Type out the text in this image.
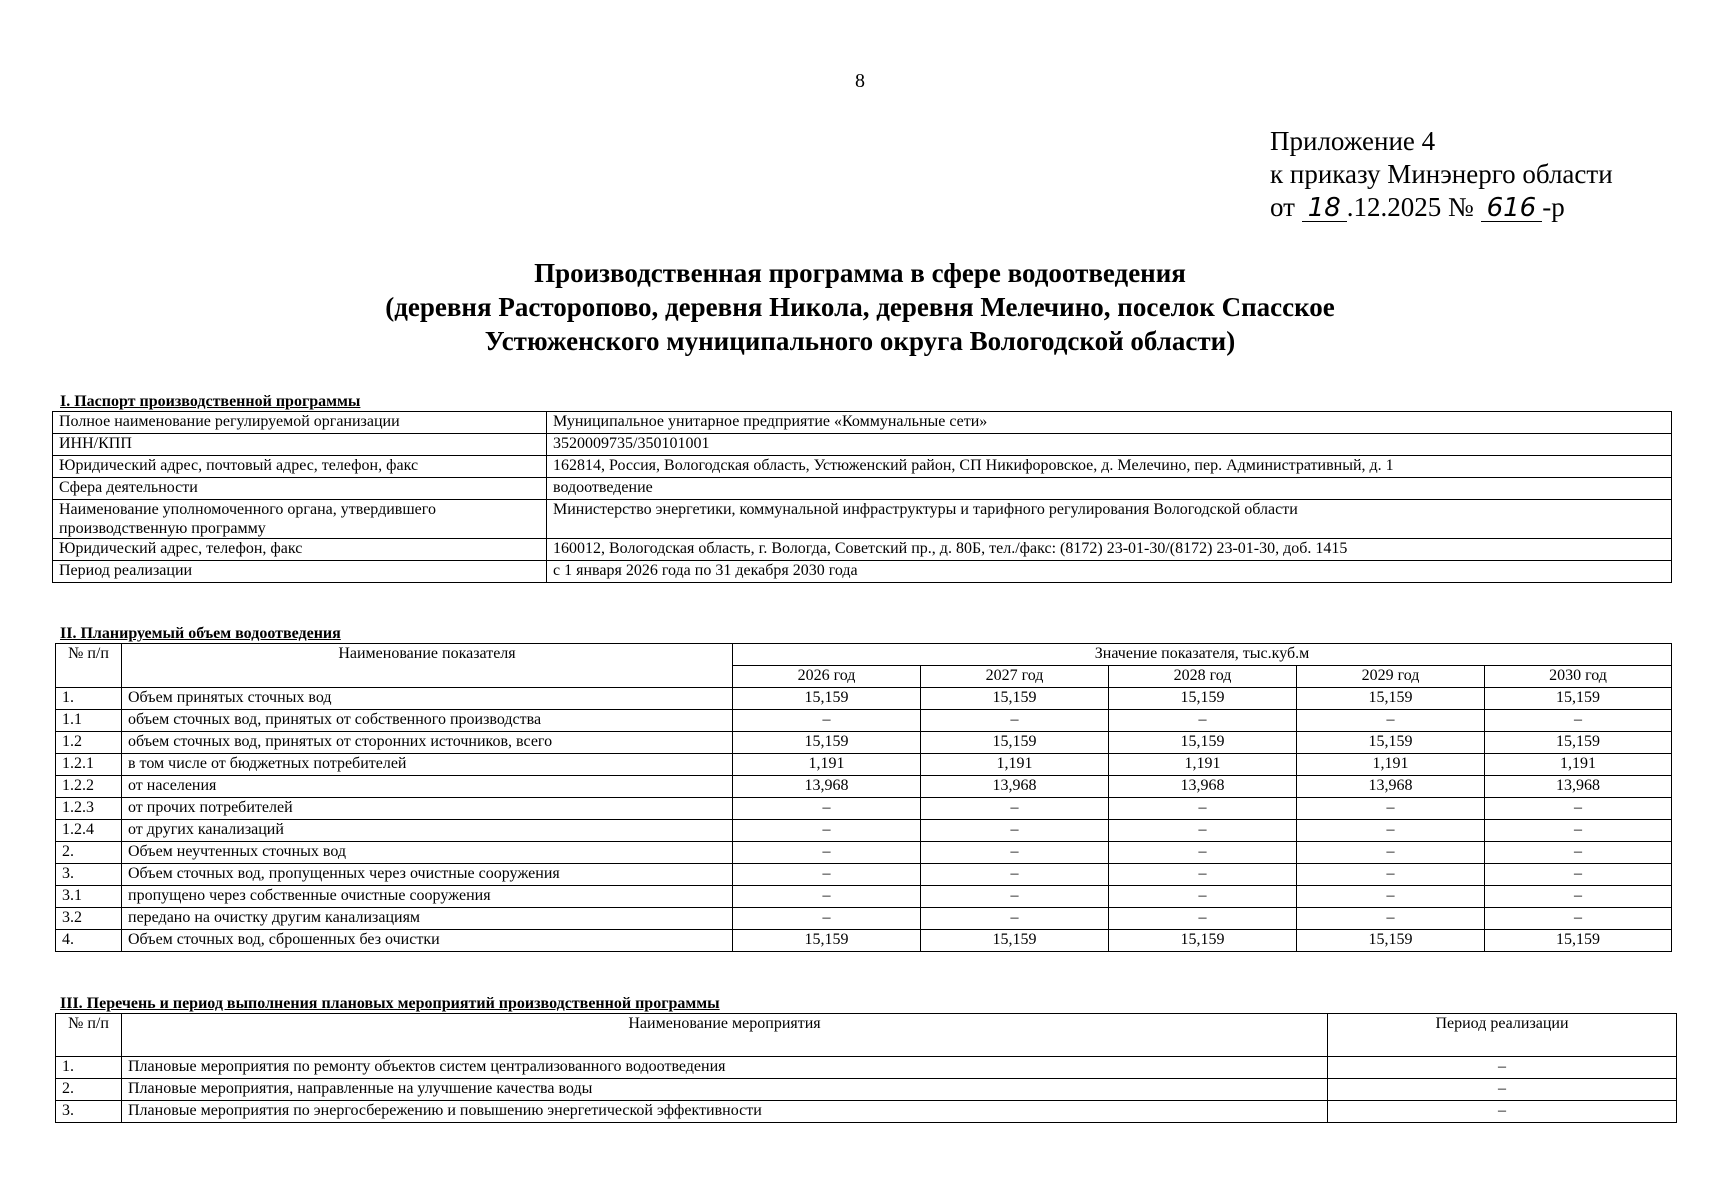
8
Приложение 4
к приказу Минэнерго области
от 18 .12.2025 № 616 -р
Производственная программа в сфере водоотведения
(деревня Расторопово, деревня Никола, деревня Мелечино, поселок Спасское
Устюженского муниципального округа Вологодской области)
I. Паспорт производственной программы
Полное наименование регулируемой организации	Муниципальное унитарное предприятие «Коммунальные сети»
ИНН/КПП	3520009735/350101001
Юридический адрес, почтовый адрес, телефон, факс	162814, Россия, Вологодская область, Устюженский район, СП Никифоровское, д. Мелечино, пер. Административный, д. 1
Сфера деятельности	водоотведение
Наименование уполномоченного органа, утвердившего производственную программу	Министерство энергетики, коммунальной инфраструктуры и тарифного регулирования Вологодской области
Юридический адрес, телефон, факс	160012, Вологодская область, г. Вологда, Советский пр., д. 80Б, тел./факс: (8172) 23-01-30/(8172) 23-01-30, доб. 1415
Период реализации	с 1 января 2026 года по 31 декабря 2030 года
II. Планируемый объем водоотведения
№ п/п	Наименование показателя	Значение показателя, тыс.куб.м				
		2026 год	2027 год	2028 год	2029 год	2030 год
1.	Объем принятых сточных вод	15,159	15,159	15,159	15,159	15,159
1.1	объем сточных вод, принятых от собственного производства	–	–	–	–	–
1.2	объем сточных вод, принятых от сторонних источников, всего	15,159	15,159	15,159	15,159	15,159
1.2.1	в том числе от бюджетных потребителей	1,191	1,191	1,191	1,191	1,191
1.2.2	от населения	13,968	13,968	13,968	13,968	13,968
1.2.3	от прочих потребителей	–	–	–	–	–
1.2.4	от других канализаций	–	–	–	–	–
2.	Объем неучтенных сточных вод	–	–	–	–	–
3.	Объем сточных вод, пропущенных через очистные сооружения	–	–	–	–	–
3.1	пропущено через собственные очистные сооружения	–	–	–	–	–
3.2	передано на очистку другим канализациям	–	–	–	–	–
4.	Объем сточных вод, сброшенных без очистки	15,159	15,159	15,159	15,159	15,159
III. Перечень и период выполнения плановых мероприятий производственной программы
№ п/п	Наименование мероприятия	Период реализации
1.	Плановые мероприятия по ремонту объектов систем централизованного водоотведения	–
2.	Плановые мероприятия, направленные на улучшение качества воды	–
3.	Плановые мероприятия по энергосбережению и повышению энергетической эффективности	–
